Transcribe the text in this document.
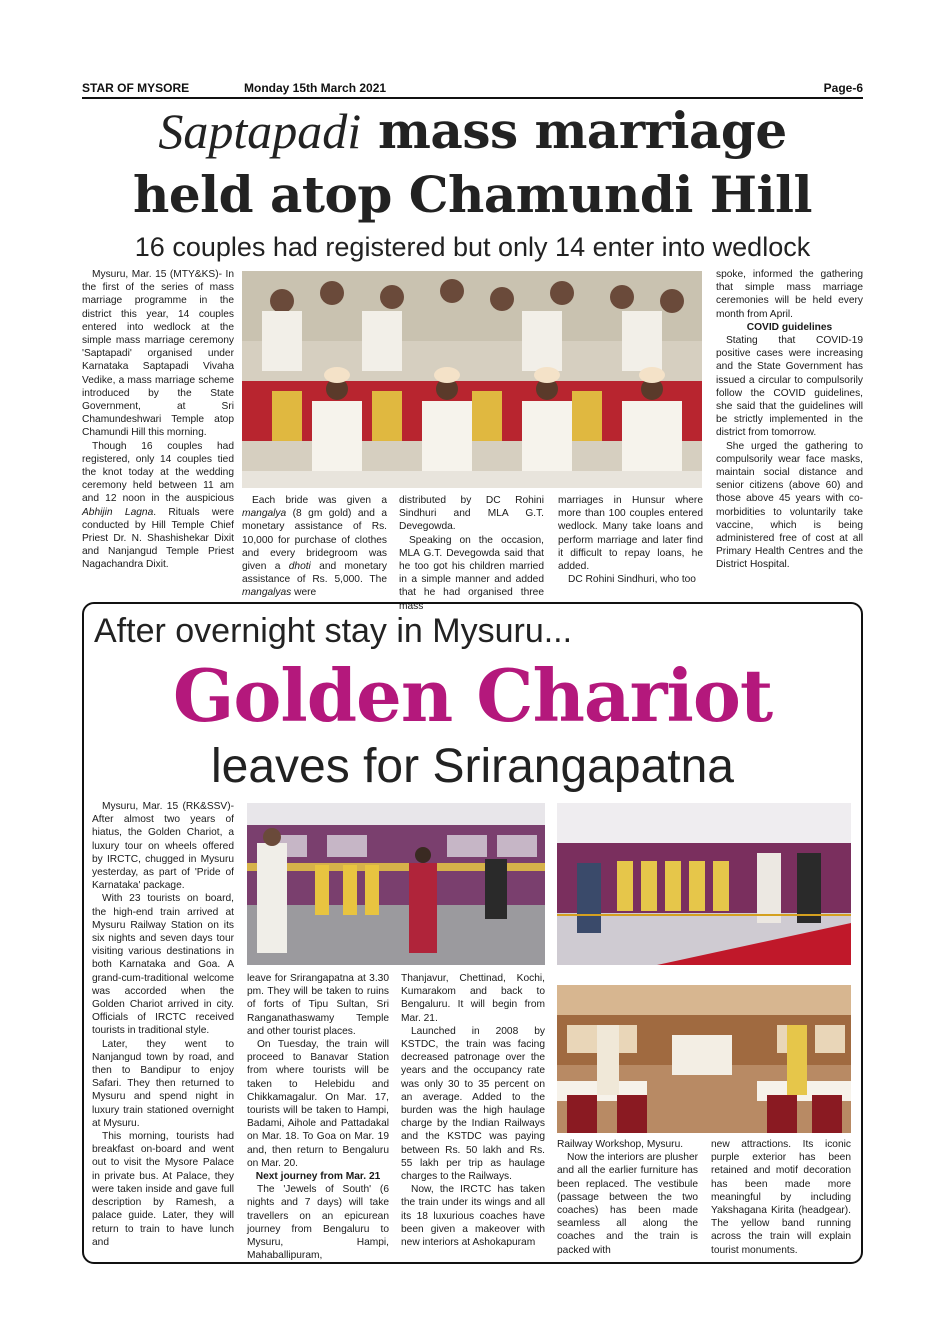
STAR OF MYSORE	Monday 15th March 2021	Page-6
Saptapadi mass marriage
held atop Chamundi Hill
16 couples had registered but only 14 enter into wedlock

Mysuru, Mar. 15 (MTY&KS)- In the first of the series of mass marriage programme in the district this year, 14 couples entered into wedlock at the simple mass marriage ceremony 'Saptapadi' organised under Karnataka Saptapadi Vivaha Vedike, a mass marriage scheme introduced by the State Government, at Sri Chamundeshwari Temple atop Chamundi Hill this morning.

Though 16 couples had registered, only 14 couples tied the knot today at the wedding ceremony held between 11 am and 12 noon in the auspicious Abhijin Lagna. Rituals were conducted by Hill Temple Chief Priest Dr. N. Shashishekar Dixit and Nanjangud Temple Priest Nagachandra Dixit.

Each bride was given a mangalya (8 gm gold) and a monetary assistance of Rs. 10,000 for purchase of clothes and every bridegroom was given a dhoti and monetary assistance of Rs. 5,000. The mangalyas were

distributed by DC Rohini Sindhuri and MLA G.T. Devegowda.

Speaking on the occasion, MLA G.T. Devegowda said that he too got his children married in a simple manner and added that he had organised three mass

marriages in Hunsur where more than 100 couples entered wedlock. Many take loans and perform marriage and later find it difficult to repay loans, he added.

DC Rohini Sindhuri, who too

spoke, informed the gathering that simple mass marriage ceremonies will be held every month from April.

COVID guidelines

Stating that COVID-19 positive cases were increasing and the State Government has issued a circular to compulsorily follow the COVID guidelines, she said that the guidelines will be strictly implemented in the district from tomorrow.

She urged the gathering to compulsorily wear face masks, maintain social distance and senior citizens (above 60) and those above 45 years with co-morbidities to voluntarily take vaccine, which is being administered free of cost at all Primary Health Centres and the District Hospital.

After overnight stay in Mysuru...
Golden Chariot
leaves for Srirangapatna

Mysuru, Mar. 15 (RK&SSV)- After almost two years of hiatus, the Golden Chariot, a luxury tour on wheels offered by IRCTC, chugged in Mysuru yesterday, as part of 'Pride of Karnataka' package.

With 23 tourists on board, the high-end train arrived at Mysuru Railway Station on its six nights and seven days tour visiting various destinations in both Karnataka and Goa. A grand-cum-traditional welcome was accorded when the Golden Chariot arrived in city. Officials of IRCTC received tourists in traditional style.

Later, they went to Nanjangud town by road, and then to Bandipur to enjoy Safari. They then returned to Mysuru and spend night in luxury train stationed overnight at Mysuru.

This morning, tourists had breakfast on-board and went out to visit the Mysore Palace in private bus. At Palace, they were taken inside and gave full description by Ramesh, a palace guide. Later, they will return to train to have lunch and

leave for Srirangapatna at 3.30 pm. They will be taken to ruins of forts of Tipu Sultan, Sri Ranganathaswamy Temple and other tourist places.

On Tuesday, the train will proceed to Banavar Station from where tourists will be taken to Helebidu and Chikkamagalur. On Mar. 17, tourists will be taken to Hampi, Badami, Aihole and Pattadakal on Mar. 18. To Goa on Mar. 19 and, then return to Bengaluru on Mar. 20.

Next journey from Mar. 21

The 'Jewels of South' (6 nights and 7 days) will take travellers on an epicurean journey from Bengaluru to Mysuru, Hampi, Mahaballipuram,

Thanjavur, Chettinad, Kochi, Kumarakom and back to Bengaluru. It will begin from Mar. 21.

Launched in 2008 by KSTDC, the train was facing decreased patronage over the years and the occupancy rate was only 30 to 35 percent on an average. Added to the burden was the high haulage charge by the Indian Railways and the KSTDC was paying between Rs. 50 lakh and Rs. 55 lakh per trip as haulage charges to the Railways.

Now, the IRCTC has taken the train under its wings and all its 18 luxurious coaches have been given a makeover with new interiors at Ashokapuram

Railway Workshop, Mysuru.

Now the interiors are plusher and all the earlier furniture has been replaced. The vestibule (passage between the two coaches) has been made seamless all along the coaches and the train is packed with

new attractions. Its iconic purple exterior has been retained and motif decoration has been made more meaningful by including Yakshagana Kirita (headgear). The yellow band running across the train will explain tourist monuments.
